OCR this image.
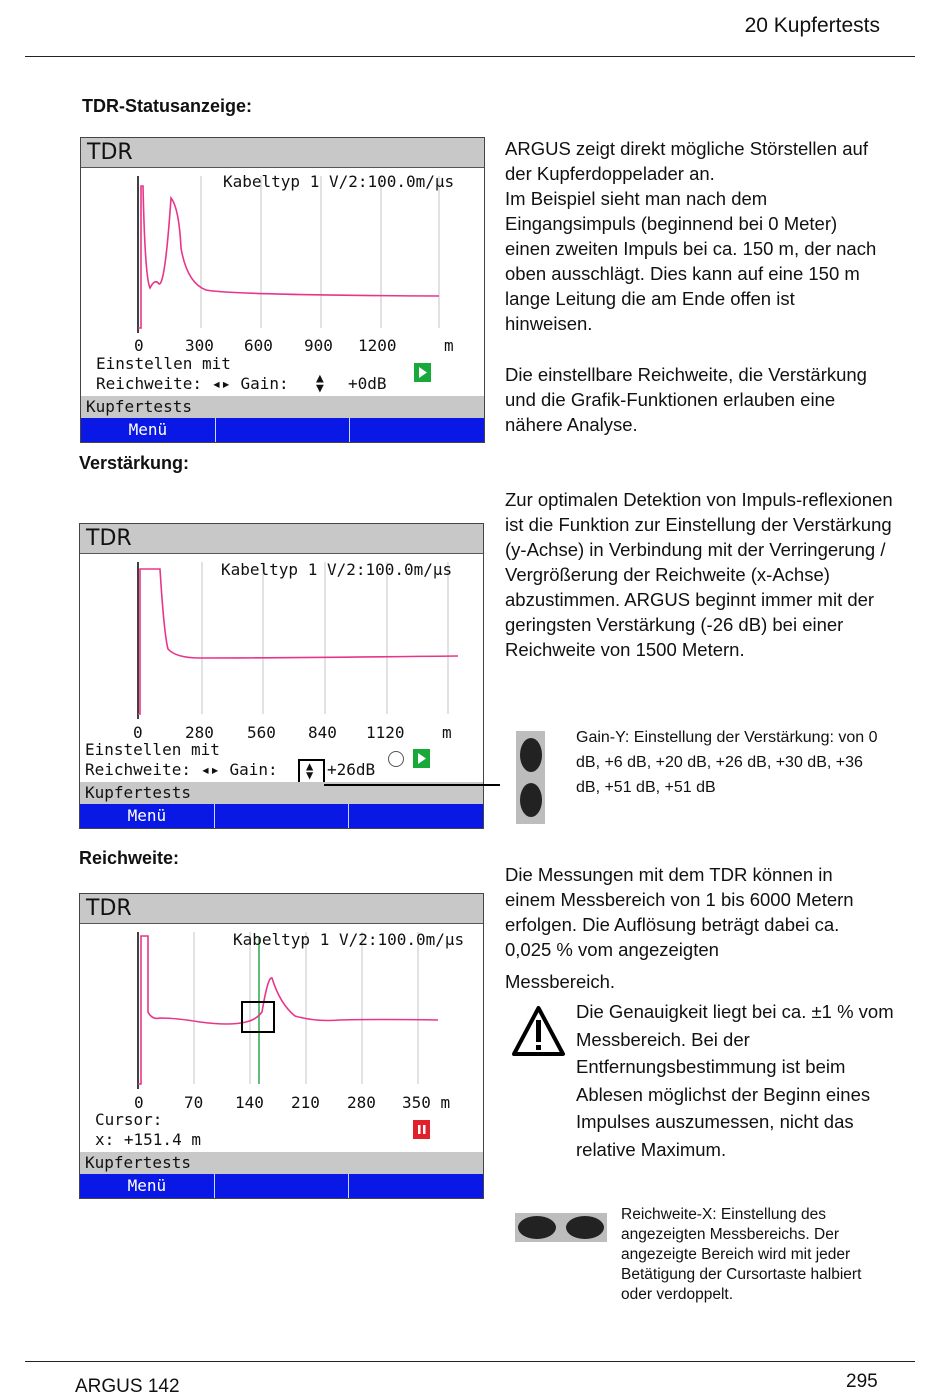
20 Kupfertests
TDR-Statusanzeige:
TDR
Kabeltyp 1 V/2:100.0m/µs
0	300 600 900 1200	m
Einstellen mit
Reichweite: ◂▸ Gain: ▲
▼ +0dB
Kupfertests
Menü
ARGUS zeigt direkt mögliche Störstellen auf der Kupferdoppelader an.
Im Beispiel sieht man nach dem Eingangsimpuls (beginnend bei 0 Meter) einen zweiten Impuls bei ca. 150 m, der nach oben ausschlägt. Dies kann auf eine 150 m lange Leitung die am Ende offen ist hinweisen.
Die einstellbare Reichweite, die Verstärkung und die Grafik-Funktionen erlauben eine nähere Analyse.
Verstärkung:
Zur optimalen Detektion von Impuls-reflexionen ist die Funktion zur Einstellung der Verstärkung (y-Achse) in Verbindung mit der Verringerung / Vergrößerung der Reichweite (x-Achse) abzustimmen. ARGUS beginnt immer mit der geringsten Verstärkung (-26 dB) bei einer Reichweite von 1500 Metern.
TDR
Kabeltyp 1 V/2:100.0m/µs
0	280 560 840 1120 m
Einstellen mit
Reichweite: ◂▸ Gain: ▲
▼ +26dB
Kupfertests
Menü
Gain-Y: Einstellung der Verstärkung: von 0 dB, +6 dB, +20 dB, +26 dB, +30 dB, +36 dB, +51 dB, +51 dB
Reichweite:
TDR
Kabeltyp 1 V/2:100.0m/µs
0	70 140 210 280 350 m
Cursor:
x: +151.4 m
Kupfertests
Menü
Die Messungen mit dem TDR können in einem Messbereich von 1 bis 6000 Metern erfolgen. Die Auflösung beträgt dabei ca. 0,025 % vom angezeigten
Messbereich.
Die Genauigkeit liegt bei ca. ±1 % vom Messbereich. Bei der Entfernungsbestimmung ist beim Ablesen möglichst der Beginn eines Impulses auszumessen, nicht das relative Maximum.
Reichweite-X: Einstellung des angezeigten Messbereichs. Der angezeigte Bereich wird mit jeder Betätigung der Cursortaste halbiert oder verdoppelt.
ARGUS 142	295
